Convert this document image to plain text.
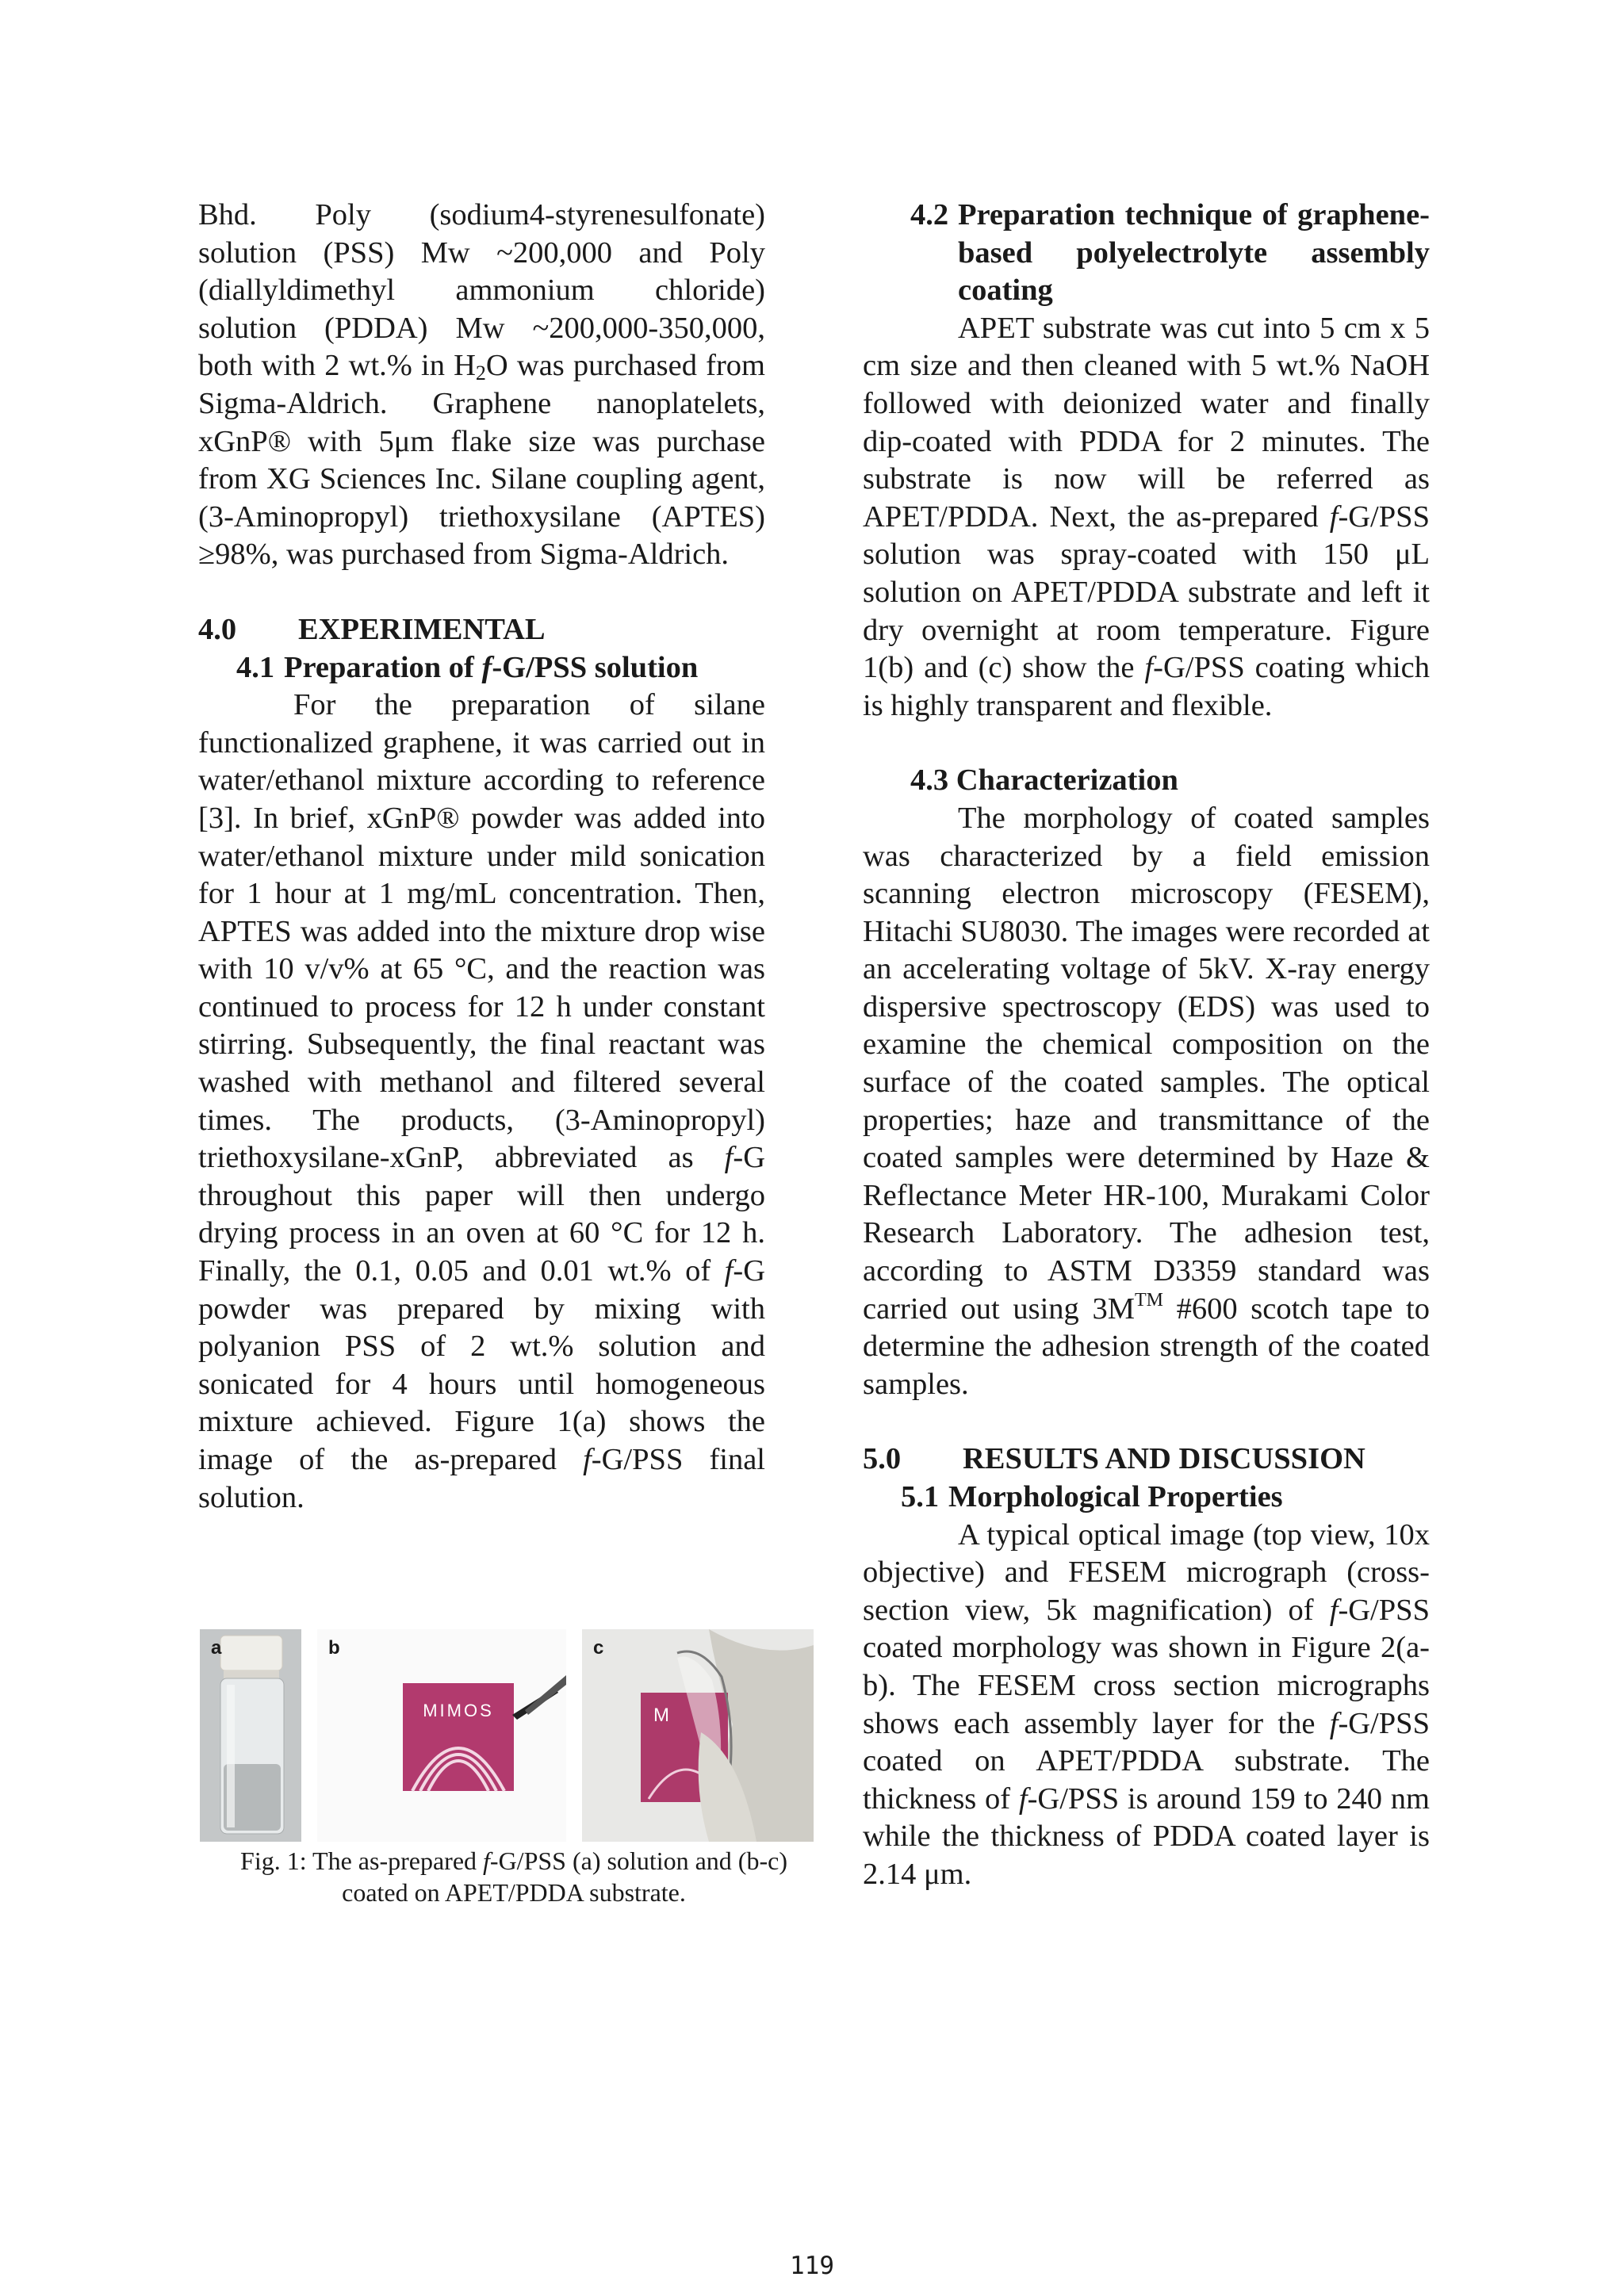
Bhd. Poly (sodium4-styrenesulfonate) solution (PSS) Mw ~200,000 and Poly (diallyldimethyl ammonium chloride) solution (PDDA) Mw ~200,000-350,000, both with 2 wt.% in $H_2O$ was purchased from Sigma-Aldrich. Graphene nanoplatelets, xGnP® with 5μm flake size was purchase from XG Sciences Inc. Silane coupling agent, (3-Aminopropyl) triethoxysilane (APTES) ≥98%, was purchased from Sigma-Aldrich.

4.0	EXPERIMENTAL
4.1 Preparation of f-G/PSS solution

For the preparation of silane functionalized graphene, it was carried out in water/ethanol mixture according to reference [3]. In brief, xGnP® powder was added into water/ethanol mixture under mild sonication for 1 hour at 1 mg/mL concentration. Then, APTES was added into the mixture drop wise with 10 v/v% at 65 °C, and the reaction was continued to process for 12 h under constant stirring. Subsequently, the final reactant was washed with methanol and filtered several times. The products, (3-Aminopropyl) triethoxysilane-xGnP, abbreviated as f-G throughout this paper will then undergo drying process in an oven at 60 °C for 12 h. Finally, the 0.1, 0.05 and 0.01 wt.% of f-G powder was prepared by mixing with polyanion PSS of 2 wt.% solution and sonicated for 4 hours until homogeneous mixture achieved. Figure 1(a) shows the image of the as-prepared f-G/PSS final solution.

a
MIMOS
b
M
c
Fig. 1: The as-prepared f-G/PSS (a) solution and (b-c) coated on APET/PDDA substrate.
4.2 Preparation technique of graphene-based polyelectrolyte assembly coating

APET substrate was cut into 5 cm x 5 cm size and then cleaned with 5 wt.% NaOH followed with deionized water and finally dip-coated with PDDA for 2 minutes. The substrate is now will be referred as APET/PDDA. Next, the as-prepared f-G/PSS solution was spray-coated with 150 μL solution on APET/PDDA substrate and left it dry overnight at room temperature. Figure 1(b) and (c) show the f-G/PSS coating which is highly transparent and flexible.

4.3 Characterization

The morphology of coated samples was characterized by a field emission scanning electron microscopy (FESEM), Hitachi SU8030. The images were recorded at an accelerating voltage of 5kV. X-ray energy dispersive spectroscopy (EDS) was used to examine the chemical composition on the surface of the coated samples. The optical properties; haze and transmittance of the coated samples were determined by Haze & Reflectance Meter HR-100, Murakami Color Research Laboratory. The adhesion test, according to ASTM D3359 standard was carried out using 3M™ #600 scotch tape to determine the adhesion strength of the coated samples.

5.0	RESULTS AND DISCUSSION
5.1 Morphological Properties

A typical optical image (top view, 10x objective) and FESEM micrograph (cross-section view, 5k magnification) of f-G/PSS coated morphology was shown in Figure 2(a-b). The FESEM cross section micrographs shows each assembly layer for the f-G/PSS coated on APET/PDDA substrate. The thickness of f-G/PSS is around 159 to 240 nm while the thickness of PDDA coated layer is 2.14 μm.

119
